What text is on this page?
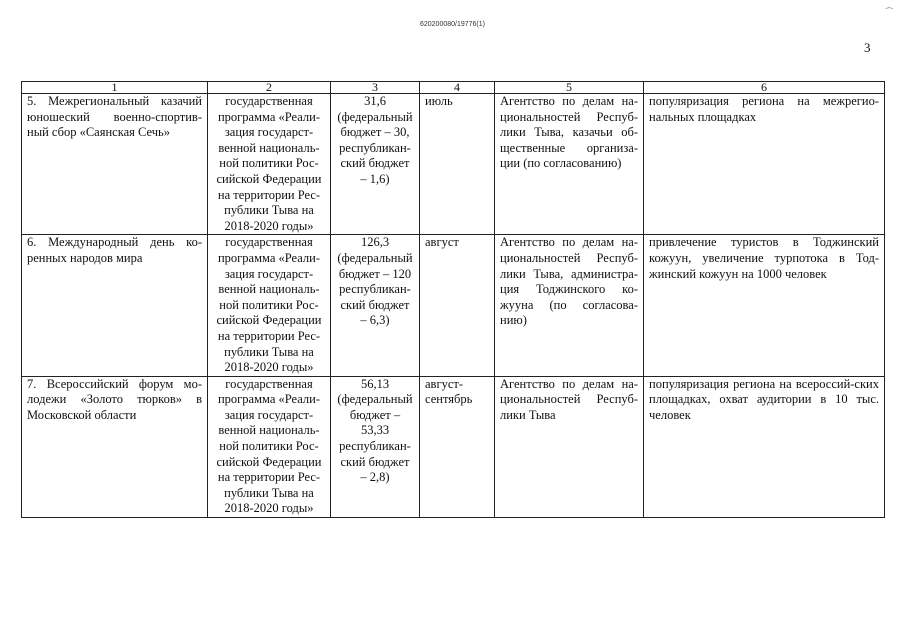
620200080/19776(1)
⁀
3
1	2	3	4	5	6
5. Межрегиональный казачий юношеский военно-спортив-ный сбор «Саянская Сечь»	государственная программа «Реали-зация государст-венной националь-ной политики Рос-сийской Федерации на территории Рес-публики Тыва на 2018-2020 годы»	31,6 (федеральный бюджет – 30, республикан-ский бюджет – 1,6)	июль	Агентство по делам на-циональностей Респуб-лики Тыва, казачьи об-щественные организа-ции (по согласованию)	популяризация региона на межрегио-нальных площадках
6. Международный день ко-ренных народов мира	государственная программа «Реали-зация государст-венной националь-ной политики Рос-сийской Федерации на территории Рес-публики Тыва на 2018-2020 годы»	126,3 (федеральный бюджет – 120 республикан-ский бюджет – 6,3)	август	Агентство по делам на-циональностей Респуб-лики Тыва, администра-ция Тоджинского ко-жууна (по согласова-нию)	привлечение туристов в Тоджинский кожуун, увеличение турпотока в Тод-жинский кожуун на 1000 человек
7. Всероссийский форум мо-лодежи «Золото тюрков» в Московской области	государственная программа «Реали-зация государст-венной националь-ной политики Рос-сийской Федерации на территории Рес-публики Тыва на 2018-2020 годы»	56,13 (федеральный бюджет – 53,33 республикан-ский бюджет – 2,8)	август-сентябрь	Агентство по делам на-циональностей Респуб-лики Тыва	популяризация региона на всероссий-ских площадках, охват аудитории в 10 тыс. человек
